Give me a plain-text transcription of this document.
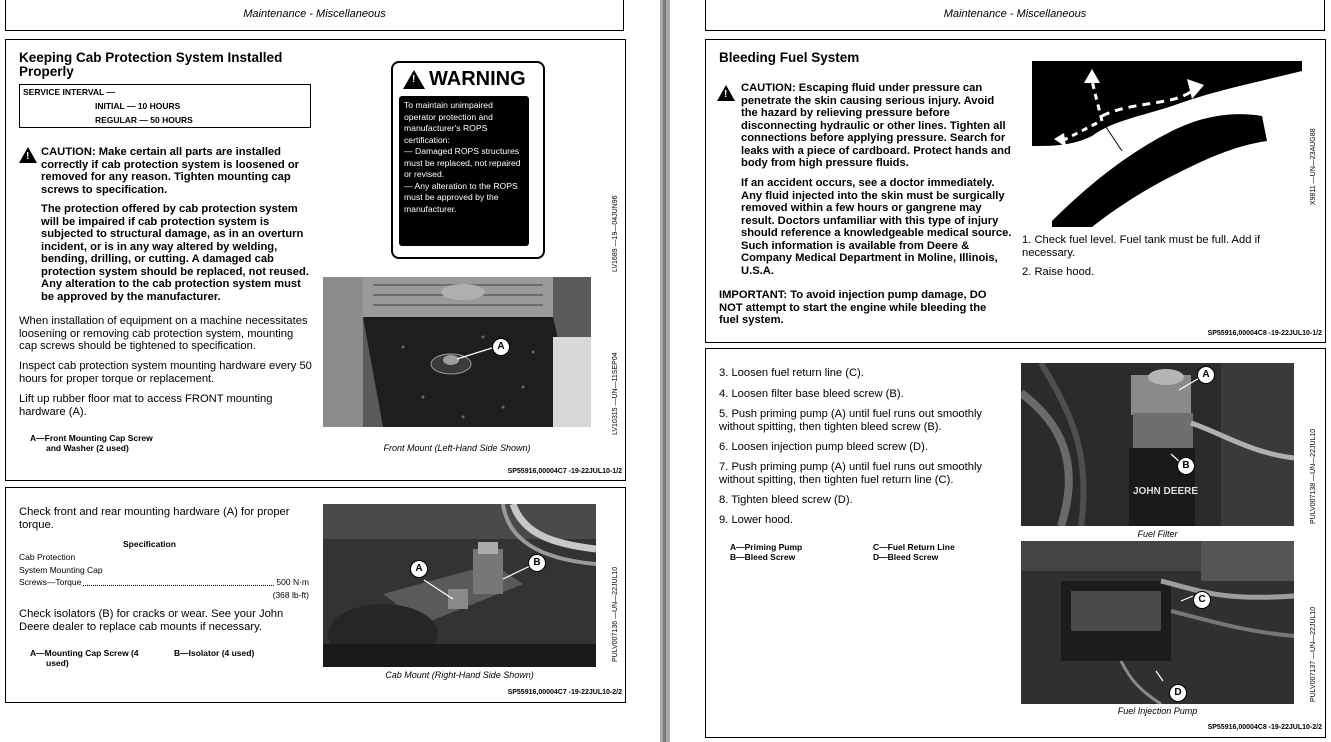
Maintenance - Miscellaneous
Keeping Cab Protection System Installed Properly
SERVICE INTERVAL —
INITIAL — 10 HOURS
REGULAR — 50 HOURS
!
CAUTION: Make certain all parts are installed correctly if cab protection system is loosened or removed for any reason. Tighten mounting cap screws to specification.
The protection offered by cab protection system will be impaired if cab protection system is subjected to structural damage, as in an overturn incident, or is in any way altered by welding, bending, drilling, or cutting. A damaged cab protection system should be replaced, not reused. Any alteration to the cab protection system must be approved by the manufacturer.
When installation of equipment on a machine necessitates loosening or removing cab protection system, mounting cap screws should be tightened to specification.
Inspect cab protection system mounting hardware every 50 hours for proper torque or replacement.
Lift up rubber floor mat to access FRONT mounting hardware (A).
A—Front Mounting Cap Screw
and Washer (2 used)
!
WARNING
To maintain unimpaired operator protection and manufacturer's ROPS certification:
— Damaged ROPS structures must be replaced, not repaired or revised.
— Any alteration to the ROPS must be approved by the manufacturer.	LV1689 —19—04JUN96
A
LV10315 —UN—11SEP04
Front Mount (Left-Hand Side Shown)
SP55916,00004C7 -19-22JUL10-1/2
Check front and rear mounting hardware (A) for proper torque.
Specification
Cab Protection
System Mounting Cap
Screws—Torque	500 N·m
(368 lb-ft)
Check isolators (B) for cracks or wear. See your John Deere dealer to replace cab mounts if necessary.
A—Mounting Cap Screw (4
used)
B—Isolator (4 used)
A
B
PULV007136 —UN—22JUL10
Cab Mount (Right-Hand Side Shown)
SP55916,00004C7 -19-22JUL10-2/2
Maintenance - Miscellaneous
Bleeding Fuel System
!
CAUTION: Escaping fluid under pressure can penetrate the skin causing serious injury. Avoid the hazard by relieving pressure before disconnecting hydraulic or other lines. Tighten all connections before applying pressure. Search for leaks with a piece of cardboard. Protect hands and body from high pressure fluids.
If an accident occurs, see a doctor immediately. Any fluid injected into the skin must be surgically removed within a few hours or gangrene may result. Doctors unfamiliar with this type of injury should reference a knowledgeable medical source. Such information is available from Deere & Company Medical Department in Moline, Illinois, U.S.A.
IMPORTANT: To avoid injection pump damage, DO NOT attempt to start the engine while bleeding the fuel system.
X9811 —UN—23AUG88
1. Check fuel level. Fuel tank must be full. Add if necessary.
2. Raise hood.
SP55916,00004C8 -19-22JUL10-1/2
3. Loosen fuel return line (C).
4. Loosen filter base bleed screw (B).
5. Push priming pump (A) until fuel runs out smoothly without spitting, then tighten bleed screw (B).
6. Loosen injection pump bleed screw (D).
7. Push priming pump (A) until fuel runs out smoothly without spitting, then tighten fuel return line (C).
8. Tighten bleed screw (D).
9. Lower hood.
A—Priming Pump
B—Bleed Screw
C—Fuel Return Line
D—Bleed Screw
JOHN DEERE
A
B	PULV007138 —UN—22JUL10
Fuel Filter
C
D	PULV007137 —UN—22JUL10
Fuel Injection Pump
SP55916,00004C8 -19-22JUL10-2/2
